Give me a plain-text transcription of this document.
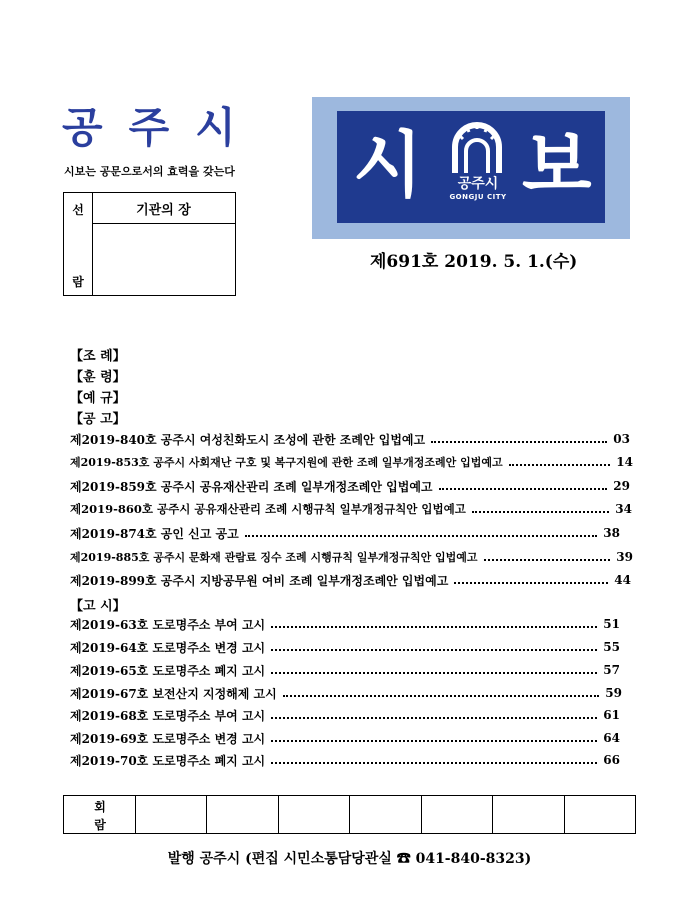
공주시
시보는 공문으로서의 효력을 갖는다
선
람
기관의 장
시	공주시
GONGJU CITY 보
제691호 2019. 5. 1.(수)
【조 례】
【훈 령】
【예 규】
【공 고】
제2019-840호 공주시 여성친화도시 조성에 관한 조례안 입법예고	03
제2019-853호 공주시 사회재난 구호 및 복구지원에 관한 조례 일부개정조례안 입법예고	14
제2019-859호 공주시 공유재산관리 조례 일부개정조례안 입법예고	29
제2019-860호 공주시 공유재산관리 조례 시행규칙 일부개정규칙안 입법예고	34
제2019-874호 공인 신고 공고	38
제2019-885호 공주시 문화재 관람료 징수 조례 시행규칙 일부개정규칙안 입법예고	39
제2019-899호 공주시 지방공무원 여비 조례 일부개정조례안 입법예고	44
【고 시】
제2019-63호 도로명주소 부여 고시	51
제2019-64호 도로명주소 변경 고시	55
제2019-65호 도로명주소 폐지 고시	57
제2019-67호 보전산지 지정해제 고시	59
제2019-68호 도로명주소 부여 고시	61
제2019-69호 도로명주소 변경 고시	64
제2019-70호 도로명주소 폐지 고시	66
회
람
발행 공주시 (편집 시민소통담당관실 ☎ 041-840-8323)
